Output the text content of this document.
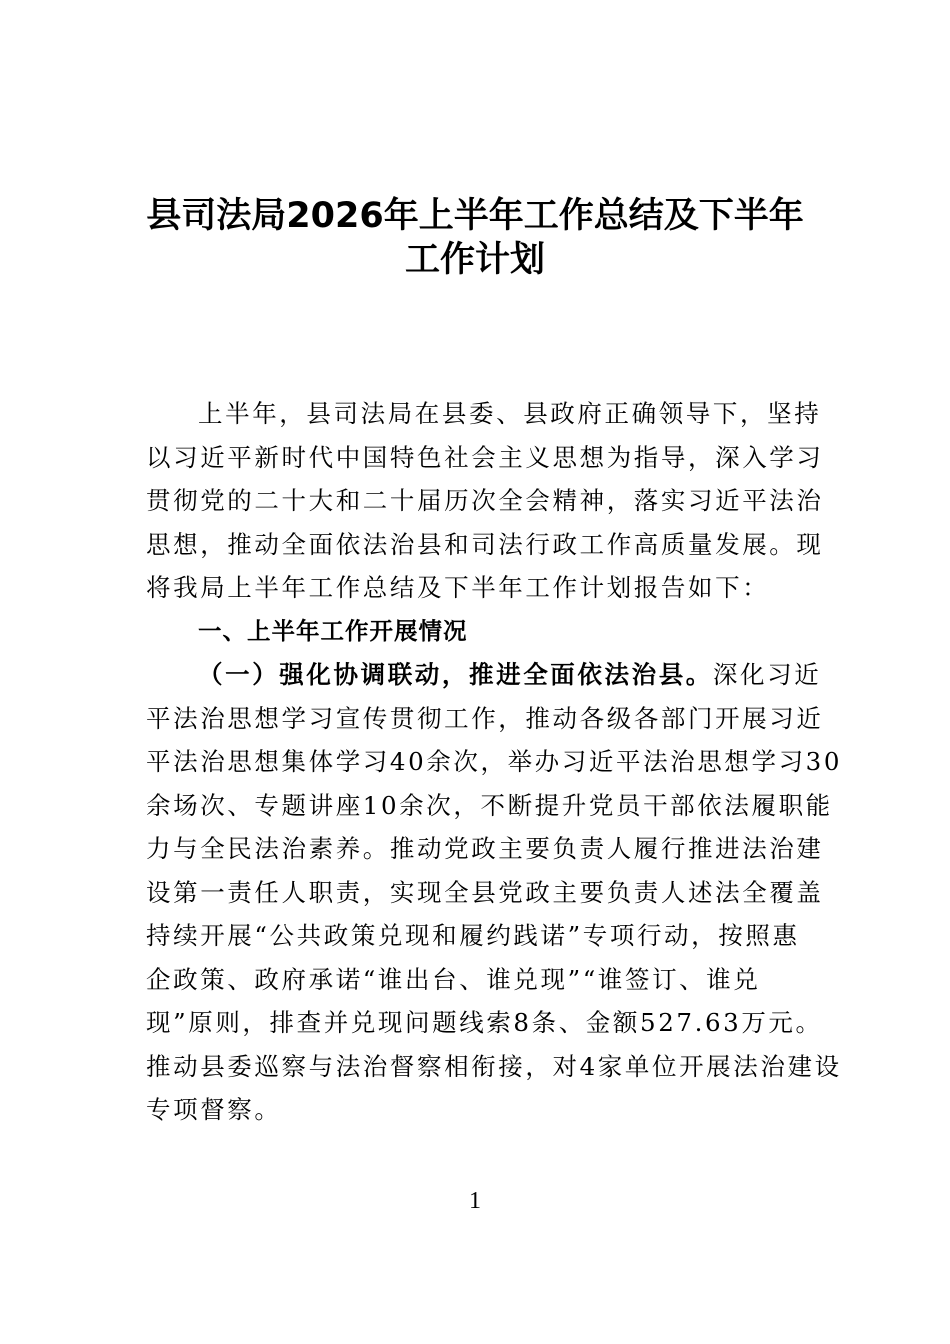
县司法局2026年上半年工作总结及下半年
工作计划
上半年，县司法局在县委、县政府正确领导下，坚持
以习近平新时代中国特色社会主义思想为指导，深入学习
贯彻党的二十大和二十届历次全会精神，落实习近平法治
思想，推动全面依法治县和司法行政工作高质量发展。现
将我局上半年工作总结及下半年工作计划报告如下：
一、上半年工作开展情况
（一）强化协调联动，推进全面依法治县。深化习近
平法治思想学习宣传贯彻工作，推动各级各部门开展习近
平法治思想集体学习40余次，举办习近平法治思想学习30
余场次、专题讲座10余次，不断提升党员干部依法履职能
力与全民法治素养。推动党政主要负责人履行推进法治建
设第一责任人职责，实现全县党政主要负责人述法全覆盖
持续开展“公共政策兑现和履约践诺”专项行动，按照惠
企政策、政府承诺“谁出台、谁兑现”“谁签订、谁兑
现”原则，排查并兑现问题线索8条、金额527.63万元。
推动县委巡察与法治督察相衔接，对4家单位开展法治建设
专项督察。
1
